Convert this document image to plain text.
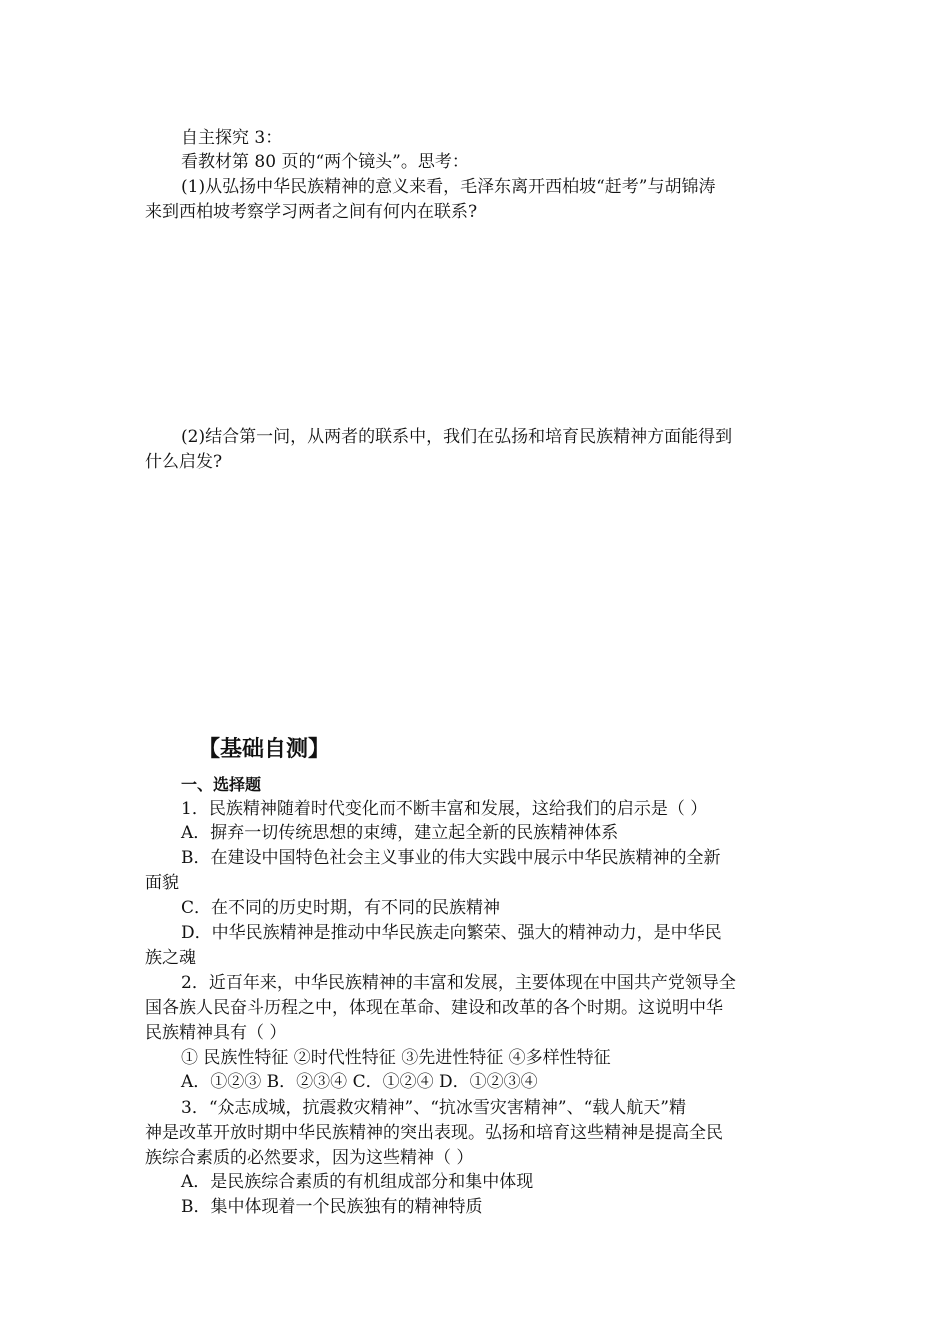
自主探究 3：

看教材第 80 页的“两个镜头”。思考：

(1)从弘扬中华民族精神的意义来看，毛泽东离开西柏坡“赶考”与胡锦涛

来到西柏坡考察学习两者之间有何内在联系?

(2)结合第一问，从两者的联系中，我们在弘扬和培育民族精神方面能得到

什么启发?

【基础自测】

一、选择题

1．民族精神随着时代变化而不断丰富和发展，这给我们的启示是（ ）

A．摒弃一切传统思想的束缚，建立起全新的民族精神体系

B．在建设中国特色社会主义事业的伟大实践中展示中华民族精神的全新

面貌

C．在不同的历史时期，有不同的民族精神

D．中华民族精神是推动中华民族走向繁荣、强大的精神动力，是中华民

族之魂

2．近百年来，中华民族精神的丰富和发展，主要体现在中国共产党领导全

国各族人民奋斗历程之中，体现在革命、建设和改革的各个时期。这说明中华

民族精神具有（ ）

① 民族性特征 ②时代性特征 ③先进性特征 ④多样性特征

A．①②③ B．②③④ C．①②④ D．①②③④

3．“众志成城，抗震救灾精神”、“抗冰雪灾害精神”、“载人航天”精

神是改革开放时期中华民族精神的突出表现。弘扬和培育这些精神是提高全民

族综合素质的必然要求，因为这些精神（ ）

A．是民族综合素质的有机组成部分和集中体现

B．集中体现着一个民族独有的精神特质
